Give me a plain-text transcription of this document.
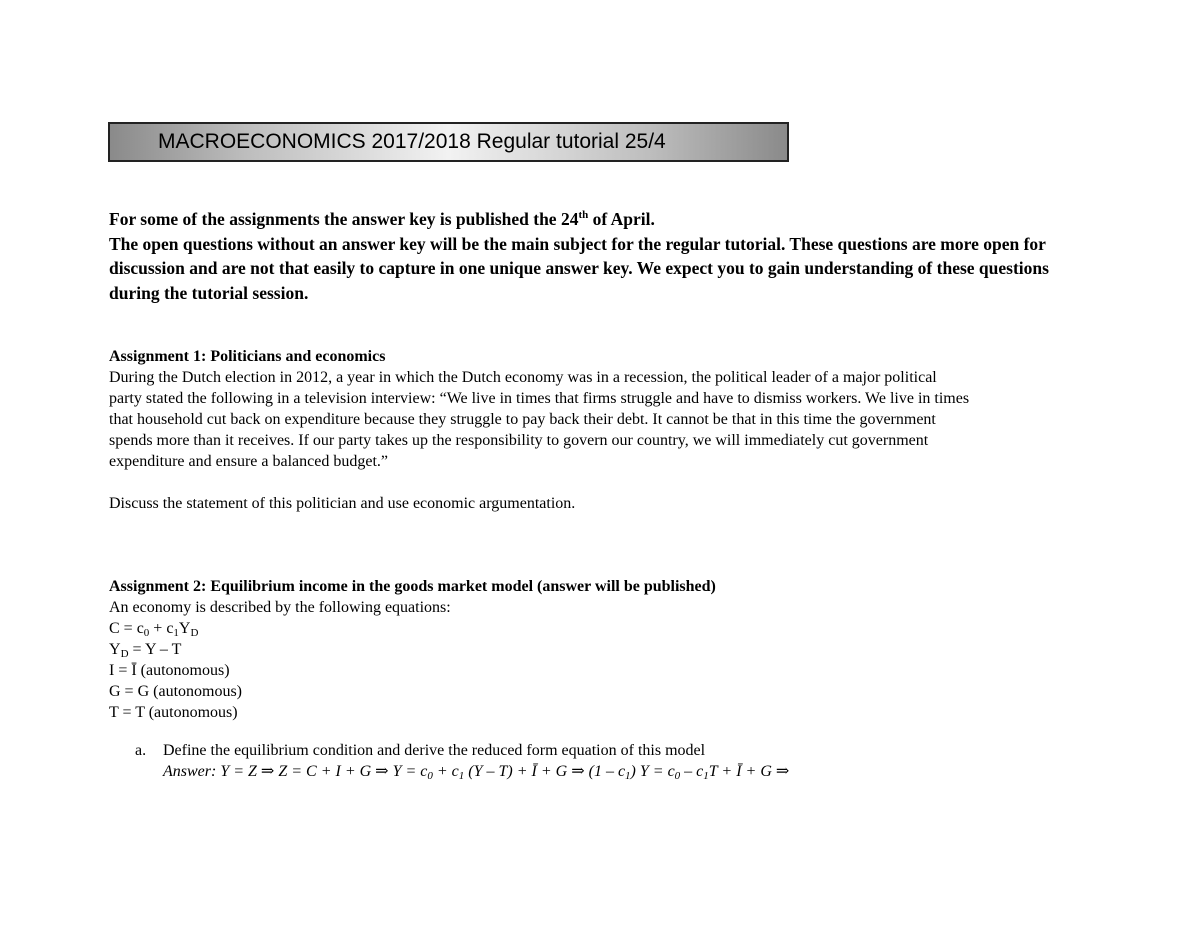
MACROECONOMICS 2017/2018 Regular tutorial 25/4

For some of the assignments the answer key is published the 24th of April.

The open questions without an answer key will be the main subject for the regular tutorial. These questions are more open for discussion and are not that easily to capture in one unique answer key. We expect you to gain understanding of these questions during the tutorial session.

Assignment 1: Politicians and economics

During the Dutch election in 2012, a year in which the Dutch economy was in a recession, the political leader of a major political

party stated the following in a television interview: “We live in times that firms struggle and have to dismiss workers. We live in times

that household cut back on expenditure because they struggle to pay back their debt. It cannot be that in this time the government

spends more than it receives. If our party takes up the responsibility to govern our country, we will immediately cut government

expenditure and ensure a balanced budget.”

Discuss the statement of this politician and use economic argumentation.

Assignment 2: Equilibrium income in the goods market model (answer will be published)

An economy is described by the following equations:

$C = c_0 + c_1Y_D$

$Y_D = Y - T$

I = Ī (autonomous)

G = G (autonomous)

T = T (autonomous)

a.	Define the equilibrium condition and derive the reduced form equation of this model
Answer: Y = Z ⇒ Z = C + I + G ⇒ $Y = c_0 + c_1$ (Y – T) + Ī + G ⇒ $(1 - c_1)$ $Y = c_0 - c_1T$ + Ī + G ⇒
